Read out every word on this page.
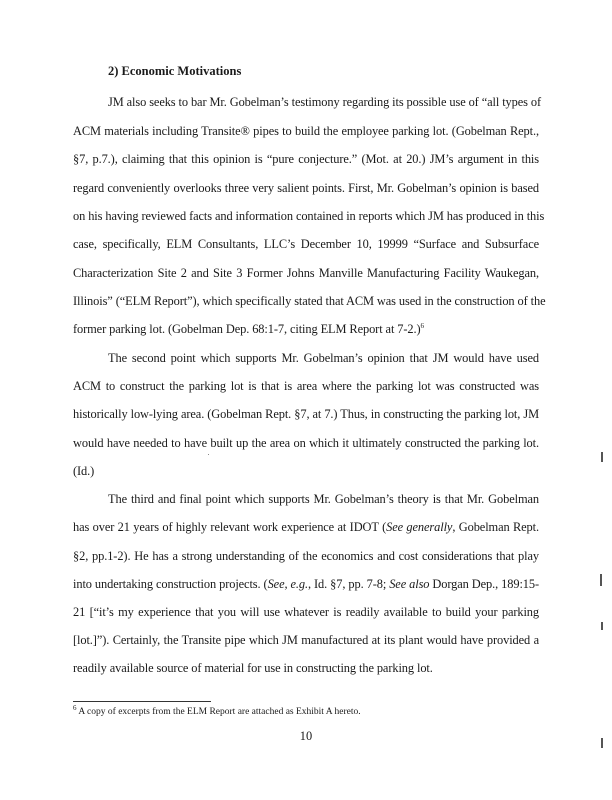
2) Economic Motivations
JM also seeks to bar Mr. Gobelman’s testimony regarding its possible use of “all types of
ACM materials including Transite® pipes to build the employee parking lot. (Gobelman Rept.,
§7, p.7.), claiming that this opinion is “pure conjecture.” (Mot. at 20.) JM’s argument in this
regard conveniently overlooks three very salient points. First, Mr. Gobelman’s opinion is based
on his having reviewed facts and information contained in reports which JM has produced in this
case, specifically, ELM Consultants, LLC’s December 10, 19999 “Surface and Subsurface
Characterization Site 2 and Site 3 Former Johns Manville Manufacturing Facility Waukegan,
Illinois” (“ELM Report”), which specifically stated that ACM was used in the construction of the
former parking lot. (Gobelman Dep. 68:1-7, citing ELM Report at 7-2.)$^6$
The second point which supports Mr. Gobelman’s opinion that JM would have used
ACM to construct the parking lot is that is area where the parking lot was constructed was
historically low-lying area. (Gobelman Rept. §7, at 7.) Thus, in constructing the parking lot, JM
would have needed to have built up the area on which it ultimately constructed the parking lot.
(Id.)
The third and final point which supports Mr. Gobelman’s theory is that Mr. Gobelman
has over 21 years of highly relevant work experience at IDOT (See generally, Gobelman Rept.
§2, pp.1-2). He has a strong understanding of the economics and cost considerations that play
into undertaking construction projects. (See, e.g., Id. §7, pp. 7-8; See also Dorgan Dep., 189:15-
21 [“it’s my experience that you will use whatever is readily available to build your parking
[lot.]”). Certainly, the Transite pipe which JM manufactured at its plant would have provided a
readily available source of material for use in constructing the parking lot.
$^6$ A copy of excerpts from the ELM Report are attached as Exhibit A hereto.
10
